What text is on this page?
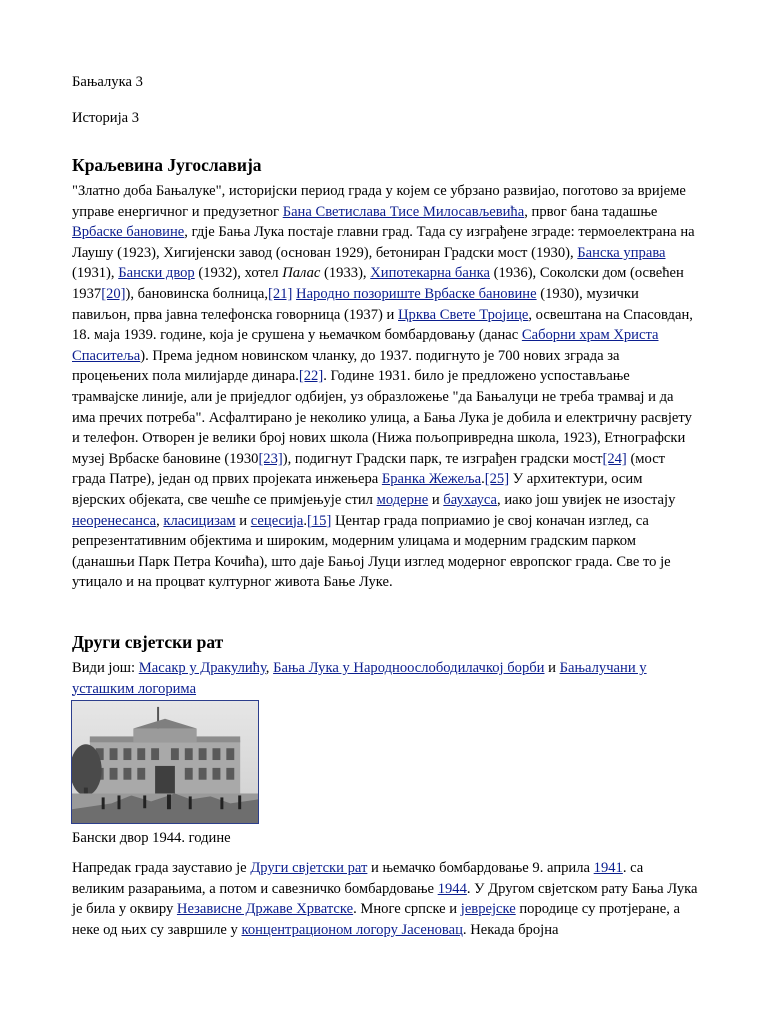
Бањалука 3

Историја 3

Краљевина Југославија

"Златно доба Бањалуке", историјски период града у којем се убрзано развијао, поготово за вријеме управе енергичног и предузетног Бана Светислава Тисе Милосављевића, првог бана тадашње Врбаске бановине, гдје Бања Лука постаје главни град. Тада су изграђене зграде: термоелектрана на Лаушу (1923), Хигијенски завод (основан 1929), бетониран Градски мост (1930), Банска управа (1931), Бански двор (1932), хотел Палас (1933), Хипотекарна банка (1936), Соколски дом (освећен 1937[20]), бановинска болница,[21] Народно позориште Врбаске бановине (1930), музички павиљон, прва јавна телефонска говорница (1937) и Црква Свете Тројице, освештана на Спасовдан, 18. маја 1939. године, која је срушена у њемачком бомбардовању (данас Саборни храм Христа Спаситеља). Према једном новинском чланку, до 1937. подигнуто је 700 нових зграда за процењених пола милијарде динара.[22]. Године 1931. било је предложено успостављање трамвајске линије, али је приједлог одбијен, уз образложење "да Бањалуци не треба трамвај и да има пречих потреба". Асфалтирано је неколико улица, а Бања Лука је добила и електричну расвјету и телефон. Отворен је велики број нових школа (Нижа пољопривредна школа, 1923), Етнографски музеј Врбаске бановине (1930[23]), подигнут Градски парк, те изграђен градски мост[24] (мост града Патре), један од првих пројеката инжењера Бранка Жежеља.[25] У архитектури, осим вјерских објеката, све чешће се примјењује стил модерне и баухауса, иако још увијек не изостају неоренесанса, класицизам и сецесија.[15] Центар града поприамио је свој коначан изглед, са репрезентативним објектима и широким, модерним улицама и модерним градским парком (данашњи Парк Петра Кочића), што даје Бањој Луци изглед модерног европског града. Све то је утицало и на процват културног живота Бање Луке.

Други свјетски рат

Види још: Масакр у Дракулићу, Бања Лука у Народноослободилачкој борби и Бањалучани у усташким логорима

Бански двор 1944. године

Напредак града зауставио је Други свјетски рат и њемачко бомбардовање 9. априла 1941. са великим разарањима, а потом и савезничко бомбардовање 1944. У Другом свјетском рату Бања Лука је била у оквиру Независне Државе Хрватске. Многе српске и јеврејске породице су протјеране, а неке од њих су завршиле у концентрационом логору Јасеновац. Некада бројна
